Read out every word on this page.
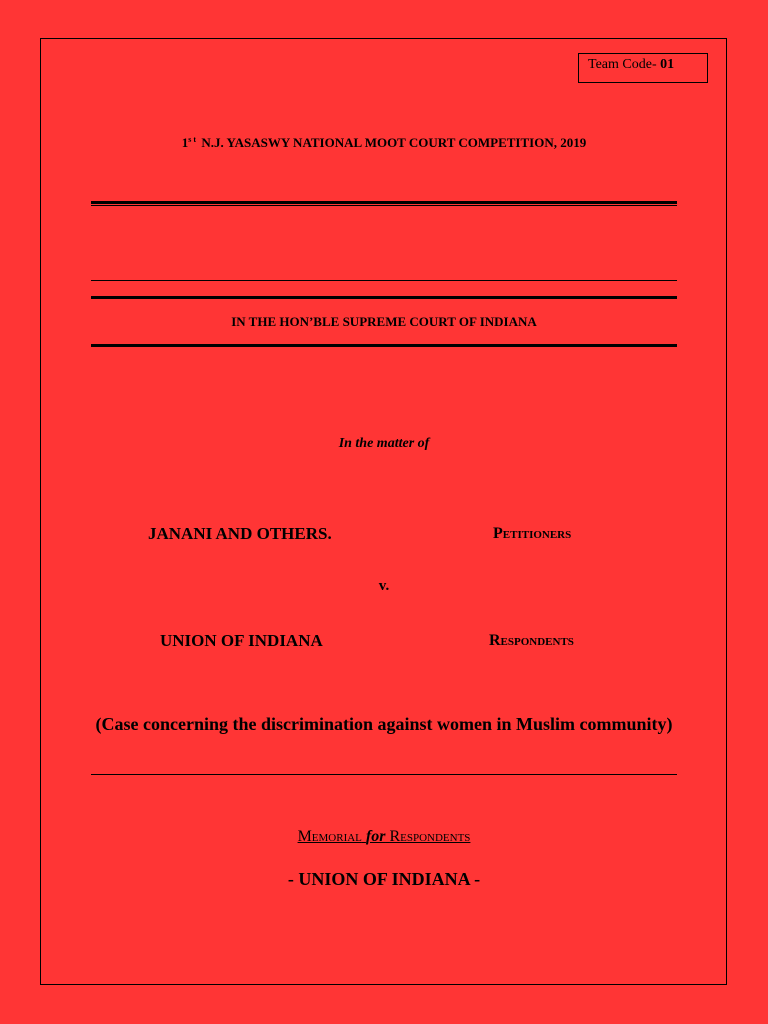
Team Code- 01
1st N.J. YASASWY NATIONAL MOOT COURT COMPETITION, 2019
IN THE HON’BLE SUPREME COURT OF INDIANA
In the matter of
JANANI AND OTHERS.	Petitioners
v.
UNION OF INDIANA	Respondents
(Case concerning the discrimination against women in Muslim community)
Memorial for Respondents
- UNION OF INDIANA -
